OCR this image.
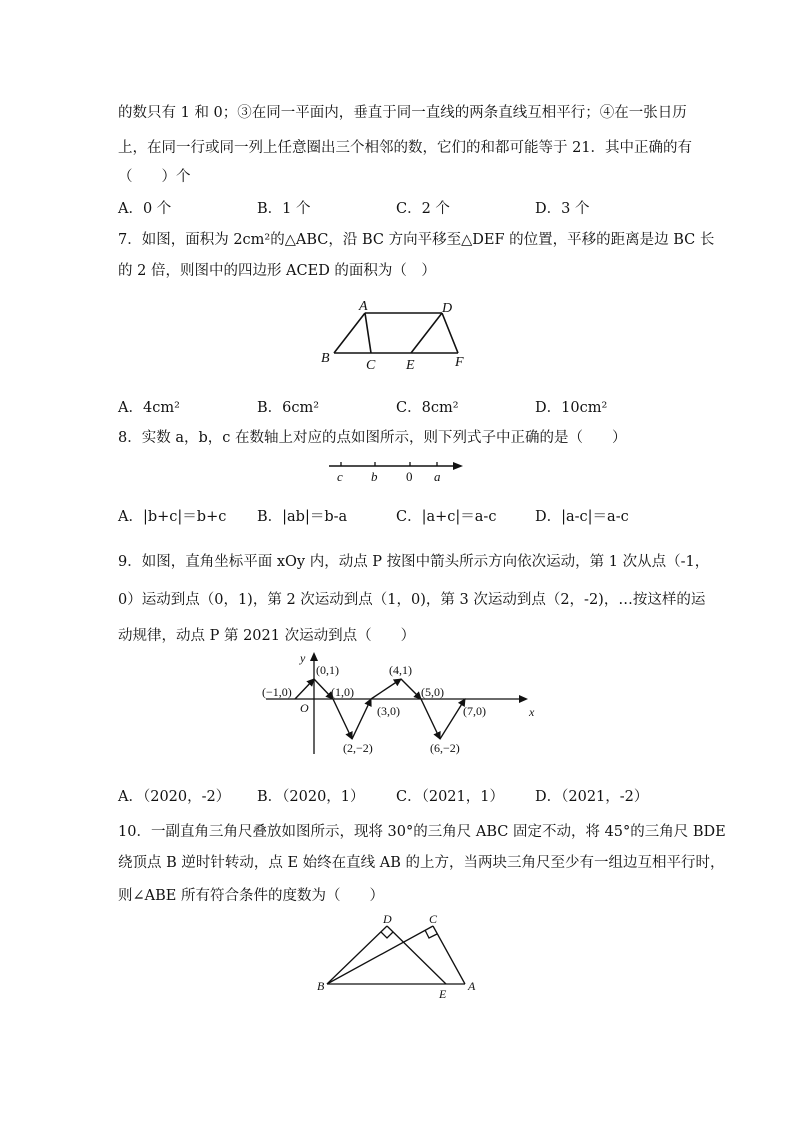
的数只有 1 和 0；③在同一平面内，垂直于同一直线的两条直线互相平行；④在一张日历
上，在同一行或同一列上任意圈出三个相邻的数，它们的和都可能等于 21．其中正确的有
（　　）个
A．0 个	B．1 个	C．2 个	D．3 个
7．如图，面积为 2cm²的△ABC，沿 BC 方向平移至△DEF 的位置，平移的距离是边 BC 长
的 2 倍，则图中的四边形 ACED 的面积为（　）
A	D
B	C E	F
A．4cm²	B．6cm²	C．8cm²	D．10cm²
8．实数 a，b，c 在数轴上对应的点如图所示，则下列式子中正确的是（　　）
c b 0 a
A．|b+c|＝b+c B．|ab|＝b-a	C．|a+c|＝a-c	D．|a-c|＝a-c
9．如图，直角坐标平面 xOy 内，动点 P 按图中箭头所示方向依次运动，第 1 次从点（-1，
0）运动到点（0，1)，第 2 次运动到点（1，0)，第 3 次运动到点（2，-2)，…按这样的运
动规律，动点 P 第 2021 次运动到点（　　）
y
x
O
(−1,0)
(0,1)
(1,0)
(2,−2)
(3,0)
(4,1)
(5,0)
(6,−2)
(7,0)
A．（2020，-2） B．（2020，1） C．（2021，1） D．（2021，-2）
10．一副直角三角尺叠放如图所示，现将 30°的三角尺 ABC 固定不动，将 45°的三角尺 BDE
绕顶点 B 逆时针转动，点 E 始终在直线 AB 的上方，当两块三角尺至少有一组边互相平行时，
则∠ABE 所有符合条件的度数为（　　）
D	C
B
E
A
